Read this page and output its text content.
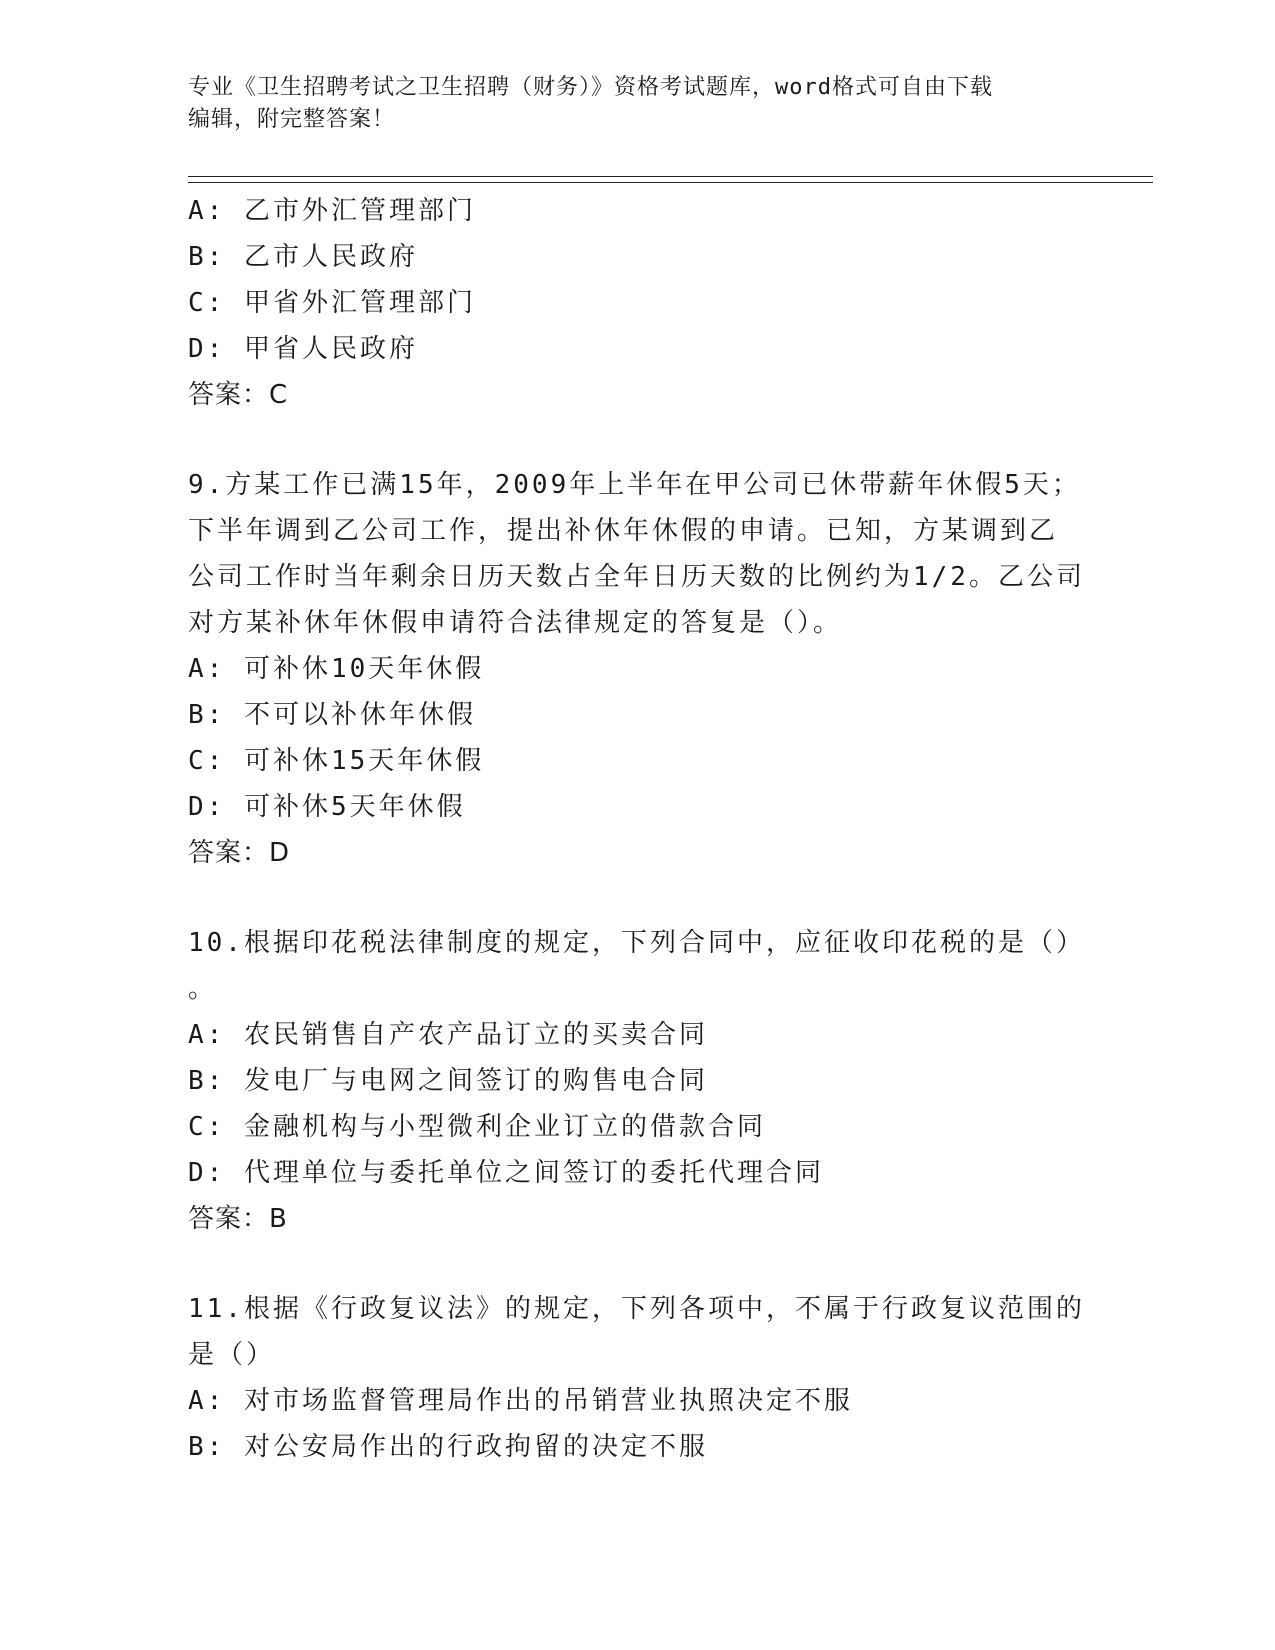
专业《卫生招聘考试之卫生招聘（财务）》资格考试题库，word格式可自由下载
编辑，附完整答案！
A: 乙市外汇管理部门
B: 乙市人民政府
C: 甲省外汇管理部门
D: 甲省人民政府
答案：C
9.方某工作已满15年，2009年上半年在甲公司已休带薪年休假5天；
下半年调到乙公司工作，提出补休年休假的申请。已知，方某调到乙
公司工作时当年剩余日历天数占全年日历天数的比例约为1/2。乙公司
对方某补休年休假申请符合法律规定的答复是（）。
A: 可补休10天年休假
B: 不可以补休年休假
C: 可补休15天年休假
D: 可补休5天年休假
答案：D
10.根据印花税法律制度的规定，下列合同中，应征收印花税的是（）
。
A: 农民销售自产农产品订立的买卖合同
B: 发电厂与电网之间签订的购售电合同
C: 金融机构与小型微利企业订立的借款合同
D: 代理单位与委托单位之间签订的委托代理合同
答案：B
11.根据《行政复议法》的规定，下列各项中，不属于行政复议范围的
是（）
A: 对市场监督管理局作出的吊销营业执照决定不服
B: 对公安局作出的行政拘留的决定不服
